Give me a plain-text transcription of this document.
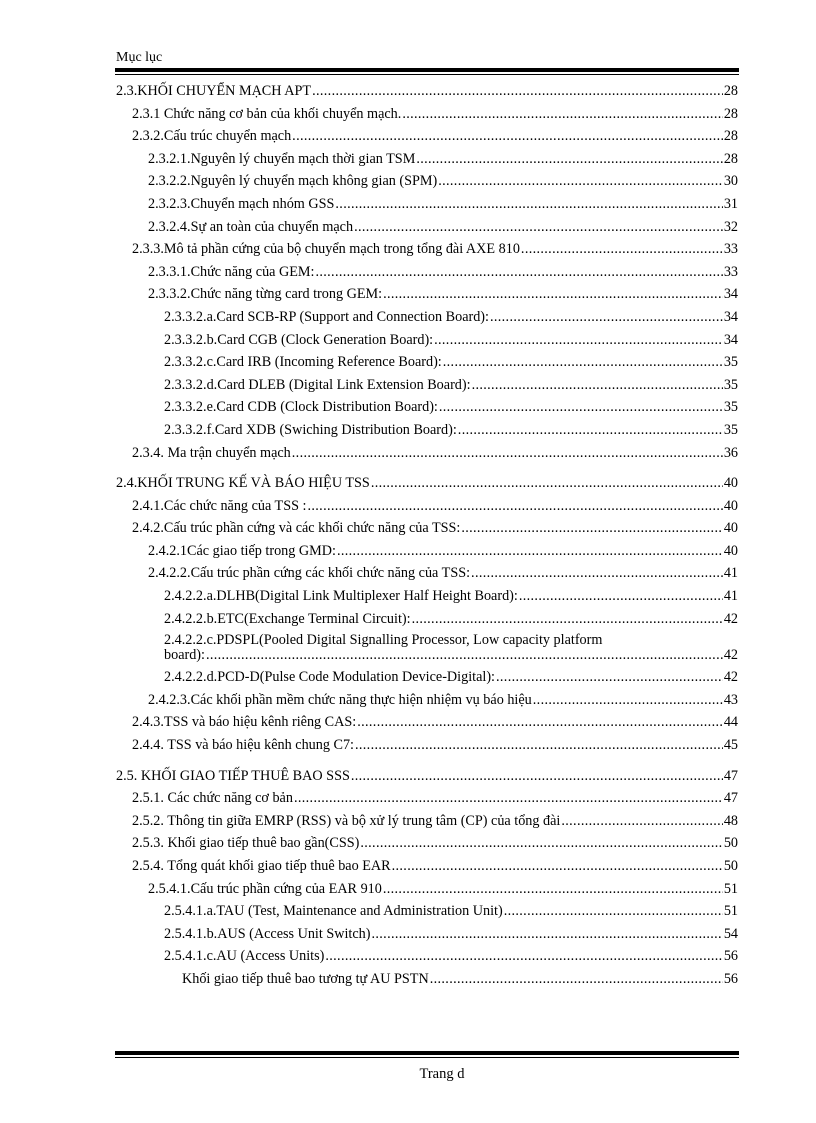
Mục lục
2.3.KHỐI CHUYỂN MẠCH APT . . .	28
2.3.1 Chức năng cơ bản của khối chuyển mạch. . . .	28
2.3.2.Cấu trúc chuyển mạch . . .	28
2.3.2.1.Nguyên lý chuyển mạch thời gian TSM . . .	28
2.3.2.2.Nguyên lý chuyển mạch không gian (SPM) . . .	30
2.3.2.3.Chuyển mạch nhóm GSS . . .	31
2.3.2.4.Sự an toàn của chuyển mạch . . .	32
2.3.3.Mô tả phần cứng của bộ chuyển mạch trong tổng đài AXE 810 . . .	33
2.3.3.1.Chức năng của GEM: . . .	33
2.3.3.2.Chức năng từng card trong GEM: . . .	34
2.3.3.2.a.Card SCB-RP (Support and Connection Board): . . .	34
2.3.3.2.b.Card CGB (Clock Generation Board): . . .	34
2.3.3.2.c.Card IRB (Incoming Reference Board): . . .	35
2.3.3.2.d.Card DLEB (Digital Link Extension Board): . . .	35
2.3.3.2.e.Card CDB (Clock Distribution Board): . . .	35
2.3.3.2.f.Card XDB (Swiching Distribution Board): . . .	35
2.3.4. Ma trận chuyển mạch . . .	36
2.4.KHỐI TRUNG KẾ VÀ BÁO HIỆU TSS . . .	40
2.4.1.Các chức năng của TSS : . . .	40
2.4.2.Cấu trúc phần cứng và các khối chức năng của TSS: . . .	40
2.4.2.1Các giao tiếp trong GMD: . . .	40
2.4.2.2.Cấu trúc phần cứng các khối chức năng của TSS: . . .	41
2.4.2.2.a.DLHB(Digital Link Multiplexer Half Height Board): . . .	41
2.4.2.2.b.ETC(Exchange Terminal Circuit): . . .	42
2.4.2.2.c.PDSPL(Pooled Digital Signalling Processor, Low capacity platform
board): . . .	42
2.4.2.2.d.PCD-D(Pulse Code Modulation Device-Digital): . . .	42
2.4.2.3.Các khối phần mềm chức năng thực hiện nhiệm vụ báo hiệu . . .	43
2.4.3.TSS và báo hiệu kênh riêng CAS: . . .	44
2.4.4. TSS và báo hiệu kênh chung C7: . . .	45
2.5. KHỐI GIAO TIẾP THUÊ BAO SSS . . .	47
2.5.1. Các chức năng cơ bản . . .	47
2.5.2. Thông tin giữa EMRP (RSS) và bộ xử lý trung tâm (CP) của tổng đài . . .	48
2.5.3. Khối giao tiếp thuê bao gần(CSS) . . .	50
2.5.4. Tổng quát khối giao tiếp thuê bao EAR . . .	50
2.5.4.1.Cấu trúc phần cứng của EAR 910 . . .	51
2.5.4.1.a.TAU (Test, Maintenance and Administration Unit) . . .	51
2.5.4.1.b.AUS (Access Unit Switch) . . .	54
2.5.4.1.c.AU (Access Units) . . .	56
Khối giao tiếp thuê bao tương tự AU PSTN . . .	56
Trang d
